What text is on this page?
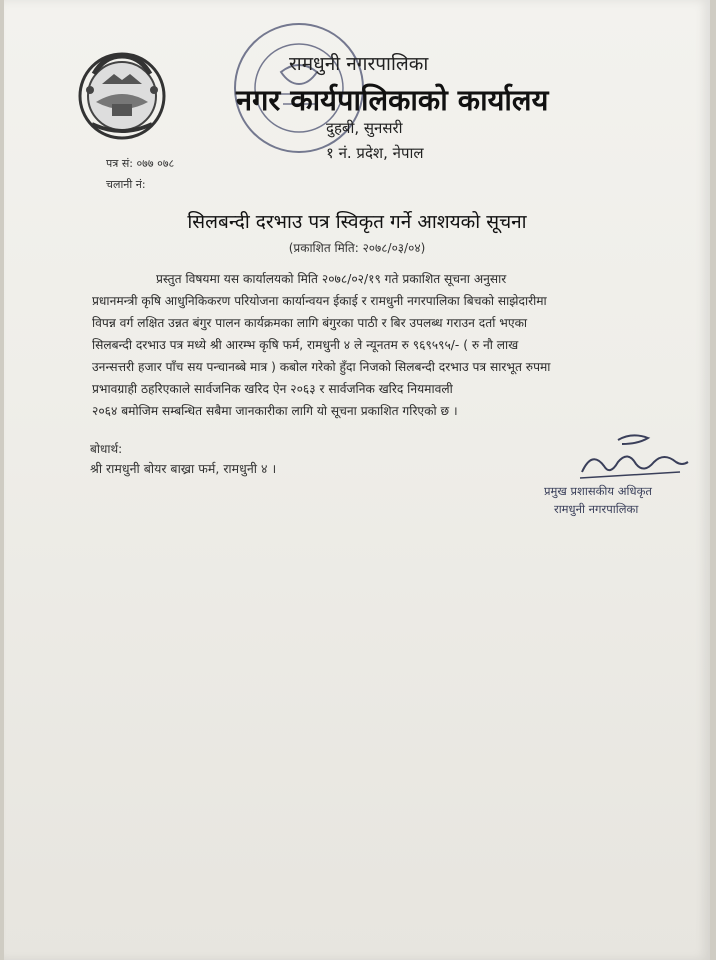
रामधुनी नगरपालिका
नगर कार्यपालिकाको कार्यालय
दुहबी, सुनसरी
१ नं. प्रदेश, नेपाल
पत्र सं: ०७७ ०७८
चलानी नं:
सिलबन्दी दरभाउ पत्र स्विकृत गर्ने आशयको सूचना
(प्रकाशित मिति: २०७८/०३/०४)
प्रस्तुत विषयमा यस कार्यालयको मिति २०७८/०२/१९ गते प्रकाशित सूचना अनुसार
प्रधानमन्त्री कृषि आधुनिकिकरण परियोजना कार्यान्वयन ईकाई र रामधुनी नगरपालिका बिचको साझेदारीमा
विपन्न वर्ग लक्षित उन्नत बंगुर पालन कार्यक्रमका लागि बंगुरका पाठी र बिर उपलब्ध गराउन दर्ता भएका
सिलबन्दी दरभाउ पत्र मध्ये श्री आरम्भ कृषि फर्म, रामधुनी ४ ले न्यूनतम रु ९६९५९५/- ( रु नौ लाख
उनन्सत्तरी हजार पाँच सय पन्चानब्बे मात्र ) कबोल गरेको हुँदा निजको सिलबन्दी दरभाउ पत्र सारभूत रुपमा
प्रभावग्राही ठहरिएकाले सार्वजनिक खरिद ऐन २०६३ र सार्वजनिक खरिद नियमावली
२०६४ बमोजिम सम्बन्धित सबैमा जानकारीका लागि यो सूचना प्रकाशित गरिएको छ ।
बोधार्थ:
श्री रामधुनी बोयर बाख्रा फर्म, रामधुनी ४ ।
प्रमुख प्रशासकीय अधिकृत
रामधुनी नगरपालिका
